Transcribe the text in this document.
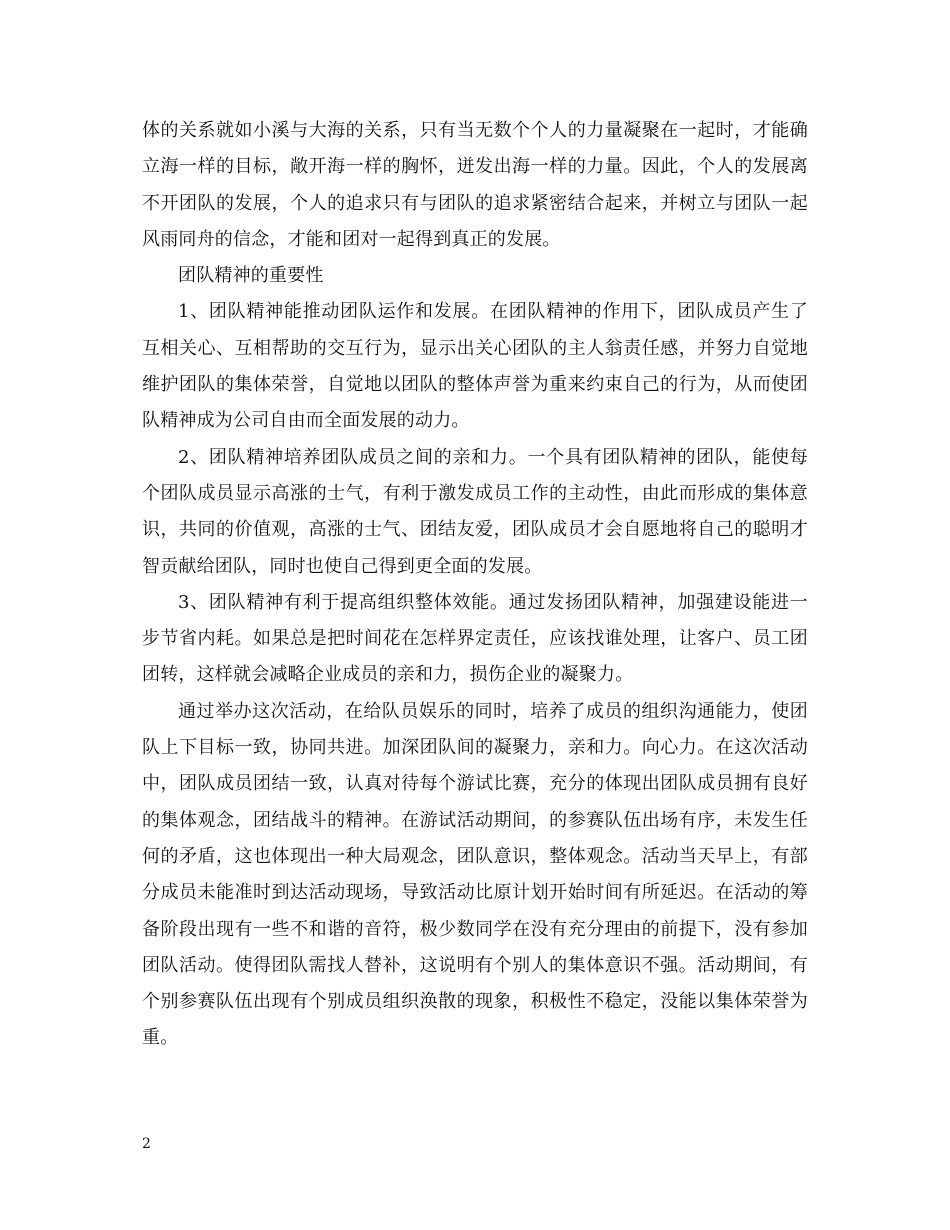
体的关系就如小溪与大海的关系，只有当无数个个人的力量凝聚在一起时，才能确立海一样的目标，敞开海一样的胸怀，迸发出海一样的力量。因此，个人的发展离不开团队的发展，个人的追求只有与团队的追求紧密结合起来，并树立与团队一起风雨同舟的信念，才能和团对一起得到真正的发展。

团队精神的重要性

1、团队精神能推动团队运作和发展。在团队精神的作用下，团队成员产生了互相关心、互相帮助的交互行为，显示出关心团队的主人翁责任感，并努力自觉地维护团队的集体荣誉，自觉地以团队的整体声誉为重来约束自己的行为，从而使团队精神成为公司自由而全面发展的动力。

2、团队精神培养团队成员之间的亲和力。一个具有团队精神的团队，能使每个团队成员显示高涨的士气，有利于激发成员工作的主动性，由此而形成的集体意识，共同的价值观，高涨的士气、团结友爱，团队成员才会自愿地将自己的聪明才智贡献给团队，同时也使自己得到更全面的发展。

3、团队精神有利于提高组织整体效能。通过发扬团队精神，加强建设能进一步节省内耗。如果总是把时间花在怎样界定责任，应该找谁处理，让客户、员工团团转，这样就会减略企业成员的亲和力，损伤企业的凝聚力。

通过举办这次活动，在给队员娱乐的同时，培养了成员的组织沟通能力，使团队上下目标一致，协同共进。加深团队间的凝聚力，亲和力。向心力。在这次活动中，团队成员团结一致，认真对待每个游试比赛，充分的体现出团队成员拥有良好的集体观念，团结战斗的精神。在游试活动期间，的参赛队伍出场有序，未发生任何的矛盾，这也体现出一种大局观念，团队意识，整体观念。活动当天早上，有部分成员未能准时到达活动现场，导致活动比原计划开始时间有所延迟。在活动的筹备阶段出现有一些不和谐的音符，极少数同学在没有充分理由的前提下，没有参加团队活动。使得团队需找人替补，这说明有个别人的集体意识不强。活动期间，有个别参赛队伍出现有个别成员组织涣散的现象，积极性不稳定，没能以集体荣誉为重。

2
